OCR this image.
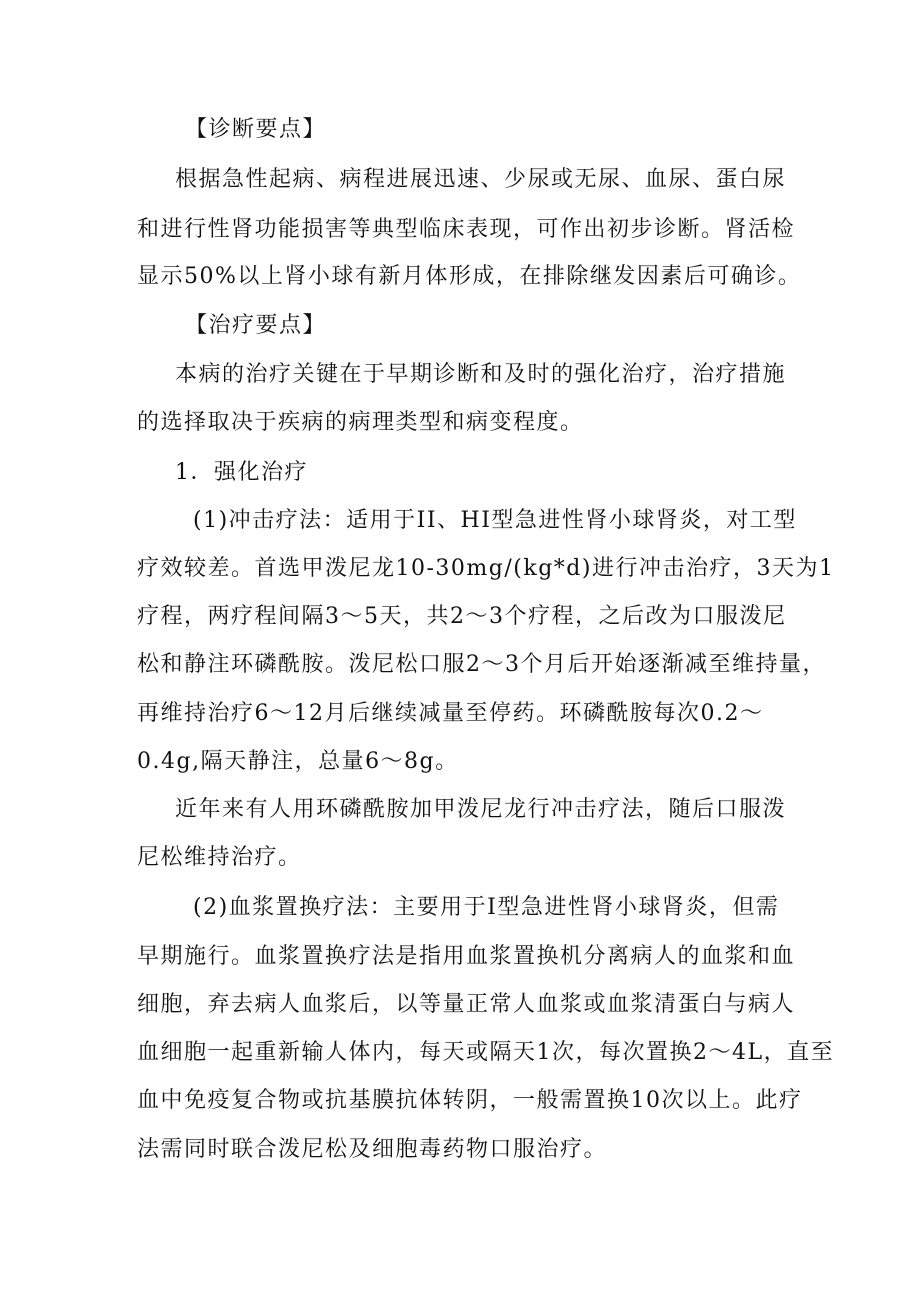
【诊断要点】
根据急性起病、病程进展迅速、少尿或无尿、血尿、蛋白尿
和进行性肾功能损害等典型临床表现，可作出初步诊断。肾活检
显示50%以上肾小球有新月体形成，在排除继发因素后可确诊。
【治疗要点】
本病的治疗关键在于早期诊断和及时的强化治疗，治疗措施
的选择取决于疾病的病理类型和病变程度。
1．强化治疗
(1)冲击疗法：适用于II、HI型急进性肾小球肾炎，对工型
疗效较差。首选甲泼尼龙10-30mg/(kg*d)进行冲击治疗，3天为1
疗程，两疗程间隔3～5天，共2～3个疗程，之后改为口服泼尼
松和静注环磷酰胺。泼尼松口服2～3个月后开始逐渐减至维持量，
再维持治疗6～12月后继续减量至停药。环磷酰胺每次0.2～
0.4g,隔天静注，总量6～8g。
近年来有人用环磷酰胺加甲泼尼龙行冲击疗法，随后口服泼
尼松维持治疗。
(2)血浆置换疗法：主要用于I型急进性肾小球肾炎，但需
早期施行。血浆置换疗法是指用血浆置换机分离病人的血浆和血
细胞，弃去病人血浆后，以等量正常人血浆或血浆清蛋白与病人
血细胞一起重新输人体内，每天或隔天1次，每次置换2～4L，直至
血中免疫复合物或抗基膜抗体转阴，一般需置换10次以上。此疗
法需同时联合泼尼松及细胞毒药物口服治疗。
